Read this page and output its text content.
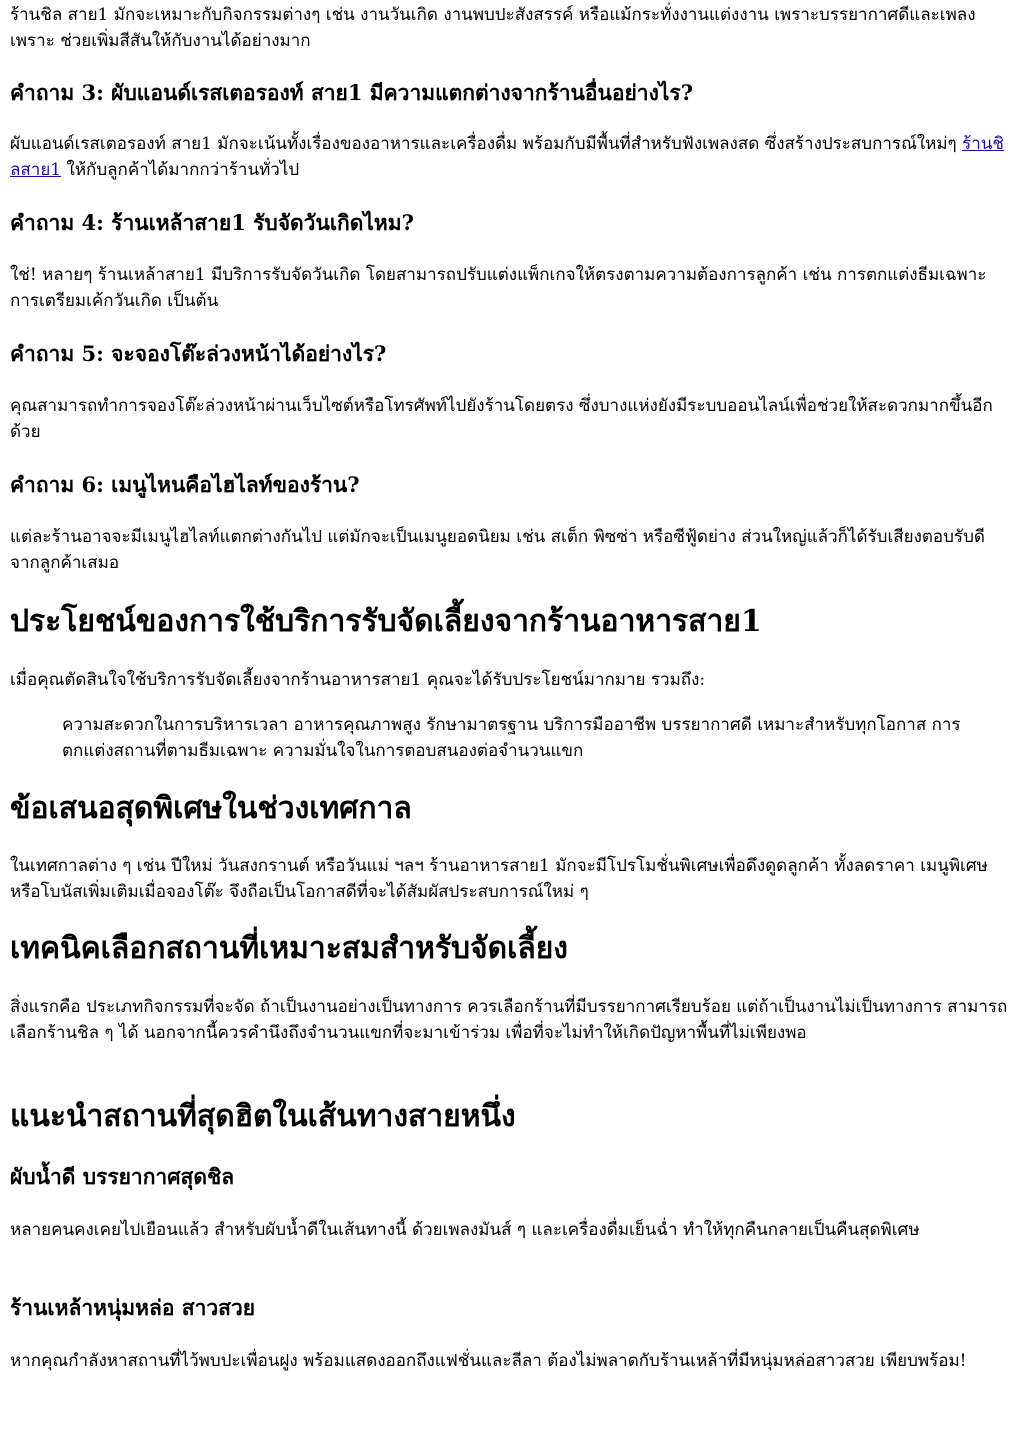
ร้านชิล สาย1 มักจะเหมาะกับกิจกรรมต่างๆ เช่น งานวันเกิด งานพบปะสังสรรค์ หรือแม้กระทั่งงานแต่งงาน เพราะบรรยากาศดีและเพลงเพราะ ช่วยเพิ่มสีสันให้กับงานได้อย่างมาก

คำถาม 3: ผับแอนด์เรสเตอรองท์ สาย1 มีความแตกต่างจากร้านอื่นอย่างไร?

ผับแอนด์เรสเตอรองท์ สาย1 มักจะเน้นทั้งเรื่องของอาหารและเครื่องดื่ม พร้อมกับมีพื้นที่สำหรับฟังเพลงสด ซึ่งสร้างประสบการณ์ใหม่ๆ ร้านชิลสาย1 ให้กับลูกค้าได้มากกว่าร้านทั่วไป

คำถาม 4: ร้านเหล้าสาย1 รับจัดวันเกิดไหม?

ใช่! หลายๆ ร้านเหล้าสาย1 มีบริการรับจัดวันเกิด โดยสามารถปรับแต่งแพ็กเกจให้ตรงตามความต้องการลูกค้า เช่น การตกแต่งธีมเฉพาะ การเตรียมเค้กวันเกิด เป็นต้น

คำถาม 5: จะจองโต๊ะล่วงหน้าได้อย่างไร?

คุณสามารถทำการจองโต๊ะล่วงหน้าผ่านเว็บไซต์หรือโทรศัพท์ไปยังร้านโดยตรง ซึ่งบางแห่งยังมีระบบออนไลน์เพื่อช่วยให้สะดวกมากขึ้นอีกด้วย

คำถาม 6: เมนูไหนคือไฮไลท์ของร้าน?

แต่ละร้านอาจจะมีเมนูไฮไลท์แตกต่างกันไป แต่มักจะเป็นเมนูยอดนิยม เช่น สเต็ก พิซซ่า หรือซีฟู้ดย่าง ส่วนใหญ่แล้วก็ได้รับเสียงตอบรับดีจากลูกค้าเสมอ

ประโยชน์ของการใช้บริการรับจัดเลี้ยงจากร้านอาหารสาย1

เมื่อคุณตัดสินใจใช้บริการรับจัดเลี้ยงจากร้านอาหารสาย1 คุณจะได้รับประโยชน์มากมาย รวมถึง:

ความสะดวกในการบริหารเวลา อาหารคุณภาพสูง รักษามาตรฐาน บริการมืออาชีพ บรรยากาศดี เหมาะสำหรับทุกโอกาส การตกแต่งสถานที่ตามธีมเฉพาะ ความมั่นใจในการตอบสนองต่อจำนวนแขก

ข้อเสนอสุดพิเศษในช่วงเทศกาล

ในเทศกาลต่าง ๆ เช่น ปีใหม่ วันสงกรานต์ หรือวันแม่ ฯลฯ ร้านอาหารสาย1 มักจะมีโปรโมชั่นพิเศษเพื่อดึงดูดลูกค้า ทั้งลดราคา เมนูพิเศษ หรือโบนัสเพิ่มเติมเมื่อจองโต๊ะ จึงถือเป็นโอกาสดีที่จะได้สัมผัสประสบการณ์ใหม่ ๆ

เทคนิคเลือกสถานที่เหมาะสมสำหรับจัดเลี้ยง

สิ่งแรกคือ ประเภทกิจกรรมที่จะจัด ถ้าเป็นงานอย่างเป็นทางการ ควรเลือกร้านที่มีบรรยากาศเรียบร้อย แต่ถ้าเป็นงานไม่เป็นทางการ สามารถเลือกร้านชิล ๆ ได้ นอกจากนี้ควรคำนึงถึงจำนวนแขกที่จะมาเข้าร่วม เพื่อที่จะไม่ทำให้เกิดปัญหาพื้นที่ไม่เพียงพอ

แนะนำสถานที่สุดฮิตในเส้นทางสายหนึ่ง
ผับน้ำดี บรรยากาศสุดชิล

หลายคนคงเคยไปเยือนแล้ว สำหรับผับน้ำดีในเส้นทางนี้ ด้วยเพลงมันส์ ๆ และเครื่องดื่มเย็นฉ่ำ ทำให้ทุกคืนกลายเป็นคืนสุดพิเศษ

ร้านเหล้าหนุ่มหล่อ สาวสวย

หากคุณกำลังหาสถานที่ไว้พบปะเพื่อนฝูง พร้อมแสดงออกถึงแฟชั่นและลีลา ต้องไม่พลาดกับร้านเหล้าที่มีหนุ่มหล่อสาวสวย เพียบพร้อม!
